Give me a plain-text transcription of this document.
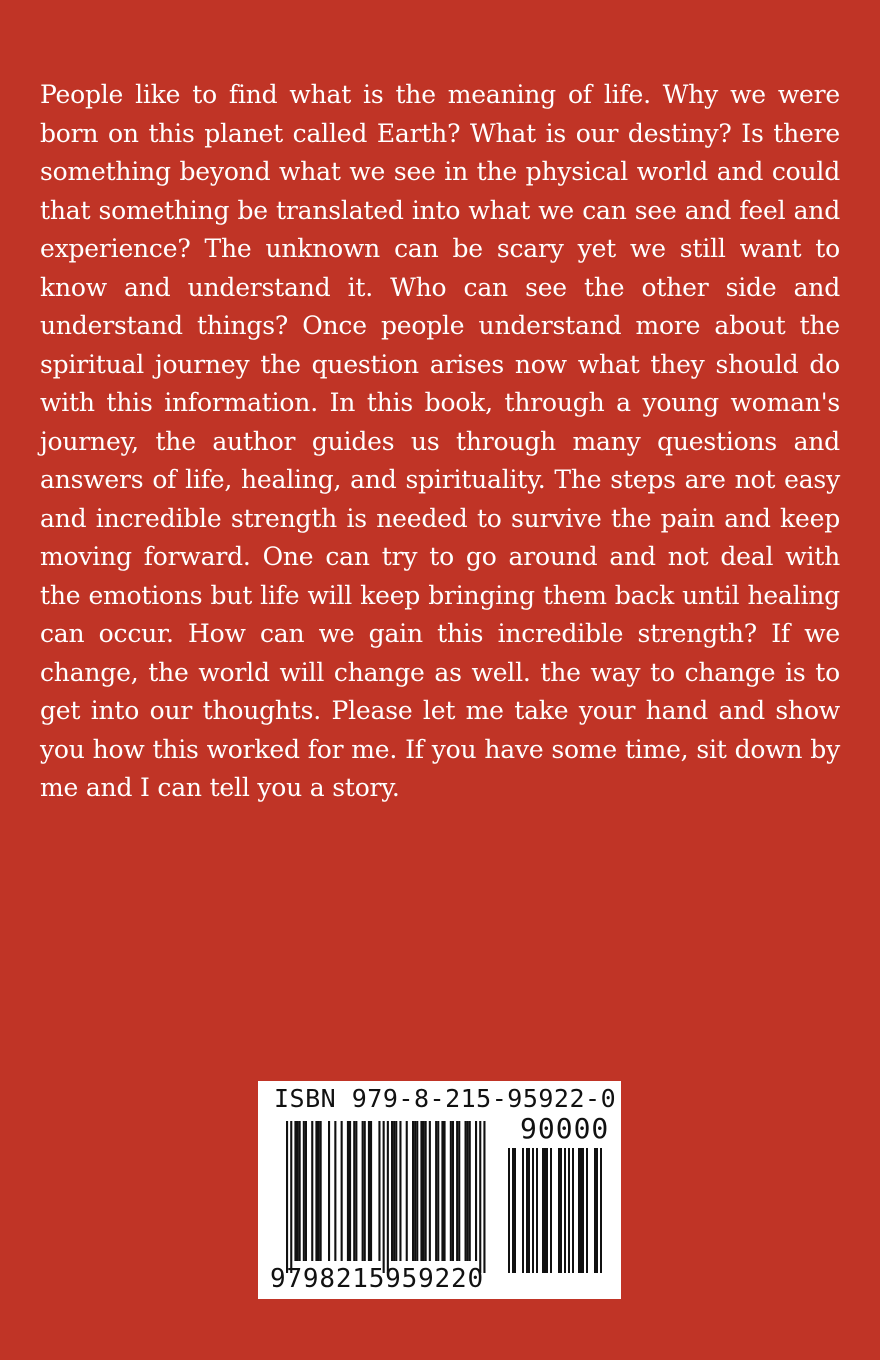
People like to find what is the meaning of life. Why we were born on this planet called Earth? What is our destiny? Is there something beyond what we see in the physical world and could that something be translated into what we can see and feel and experience? The unknown can be scary yet we still want to know and understand it. Who can see the other side and understand things? Once people understand more about the spiritual journey the question arises now what they should do with this information. In this book, through a young woman's journey, the author guides us through many questions and answers of life, healing, and spirituality. The steps are not easy and incredible strength is needed to survive the pain and keep moving forward. One can try to go around and not deal with the emotions but life will keep bringing them back until healing can occur. How can we gain this incredible strength? If we change, the world will change as well. the way to change is to get into our thoughts. Please let me take your hand and show you how this worked for me. If you have some time, sit down by me and I can tell you a story.

ISBN 979-8-215-95922-0

90000
9798215959220
